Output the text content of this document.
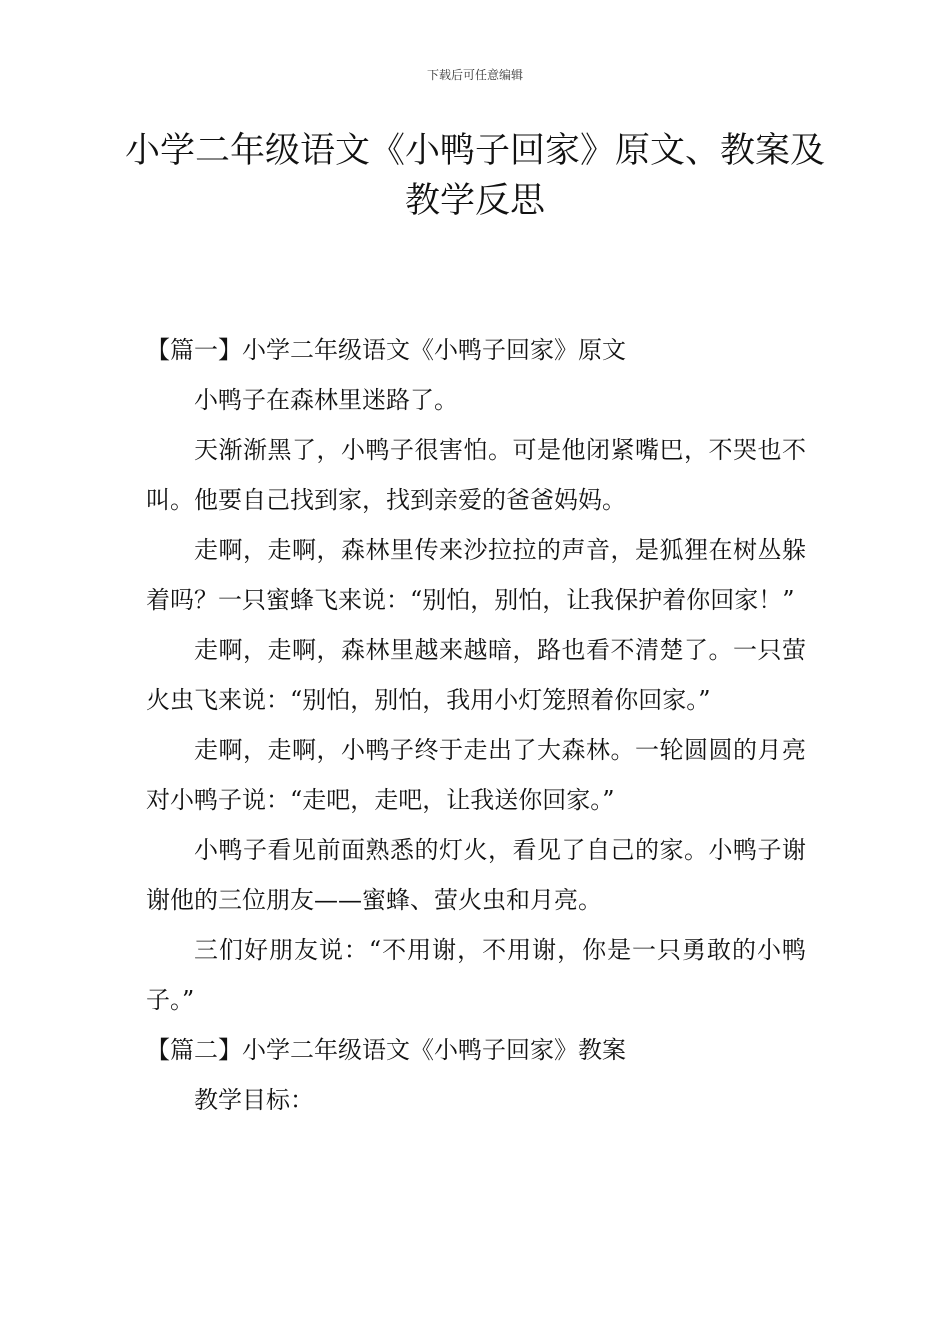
下载后可任意编辑
小学二年级语文《小鸭子回家》原文、教案及教学反思

【篇一】小学二年级语文《小鸭子回家》原文

小鸭子在森林里迷路了。

天渐渐黑了，小鸭子很害怕。可是他闭紧嘴巴，不哭也不叫。他要自己找到家，找到亲爱的爸爸妈妈。

走啊，走啊，森林里传来沙拉拉的声音，是狐狸在树丛躲着吗？一只蜜蜂飞来说：“别怕，别怕，让我保护着你回家！”

走啊，走啊，森林里越来越暗，路也看不清楚了。一只萤火虫飞来说：“别怕，别怕，我用小灯笼照着你回家。”

走啊，走啊，小鸭子终于走出了大森林。一轮圆圆的月亮对小鸭子说：“走吧，走吧，让我送你回家。”

小鸭子看见前面熟悉的灯火，看见了自己的家。小鸭子谢谢他的三位朋友——蜜蜂、萤火虫和月亮。

三们好朋友说：“不用谢，不用谢，你是一只勇敢的小鸭子。”

【篇二】小学二年级语文《小鸭子回家》教案

教学目标：
